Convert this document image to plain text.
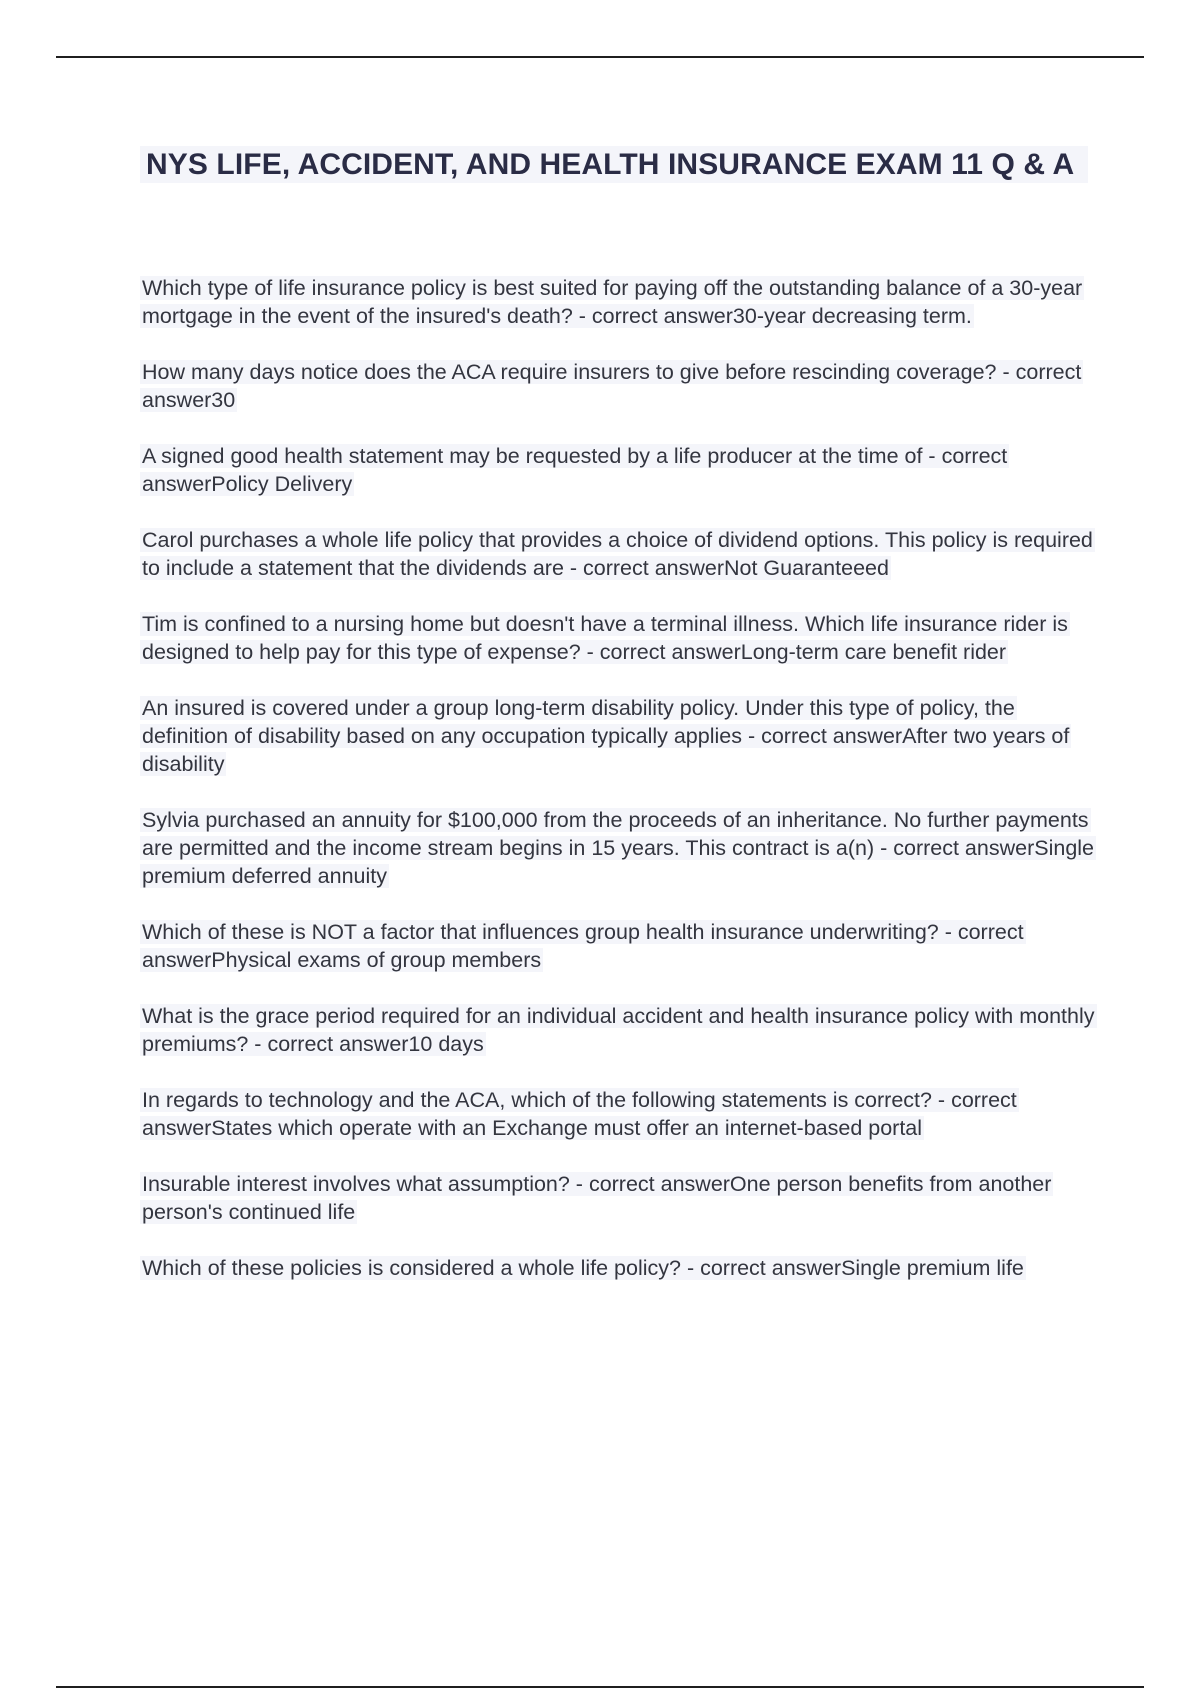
NYS LIFE, ACCIDENT, AND HEALTH INSURANCE EXAM 11 Q & A
Which type of life insurance policy is best suited for paying off the outstanding balance of a 30-year mortgage in the event of the insured's death? - correct answer30-year decreasing term.
How many days notice does the ACA require insurers to give before rescinding coverage? - correct answer30
A signed good health statement may be requested by a life producer at the time of - correct answerPolicy Delivery
Carol purchases a whole life policy that provides a choice of dividend options. This policy is required to include a statement that the dividends are - correct answerNot Guaranteeed
Tim is confined to a nursing home but doesn't have a terminal illness. Which life insurance rider is designed to help pay for this type of expense? - correct answerLong-term care benefit rider
An insured is covered under a group long-term disability policy. Under this type of policy, the definition of disability based on any occupation typically applies - correct answerAfter two years of disability
Sylvia purchased an annuity for $100,000 from the proceeds of an inheritance. No further payments are permitted and the income stream begins in 15 years. This contract is a(n) - correct answerSingle premium deferred annuity
Which of these is NOT a factor that influences group health insurance underwriting? - correct answerPhysical exams of group members
What is the grace period required for an individual accident and health insurance policy with monthly premiums? - correct answer10 days
In regards to technology and the ACA, which of the following statements is correct? - correct answerStates which operate with an Exchange must offer an internet-based portal
Insurable interest involves what assumption? - correct answerOne person benefits from another person's continued life
Which of these policies is considered a whole life policy? - correct answerSingle premium life
